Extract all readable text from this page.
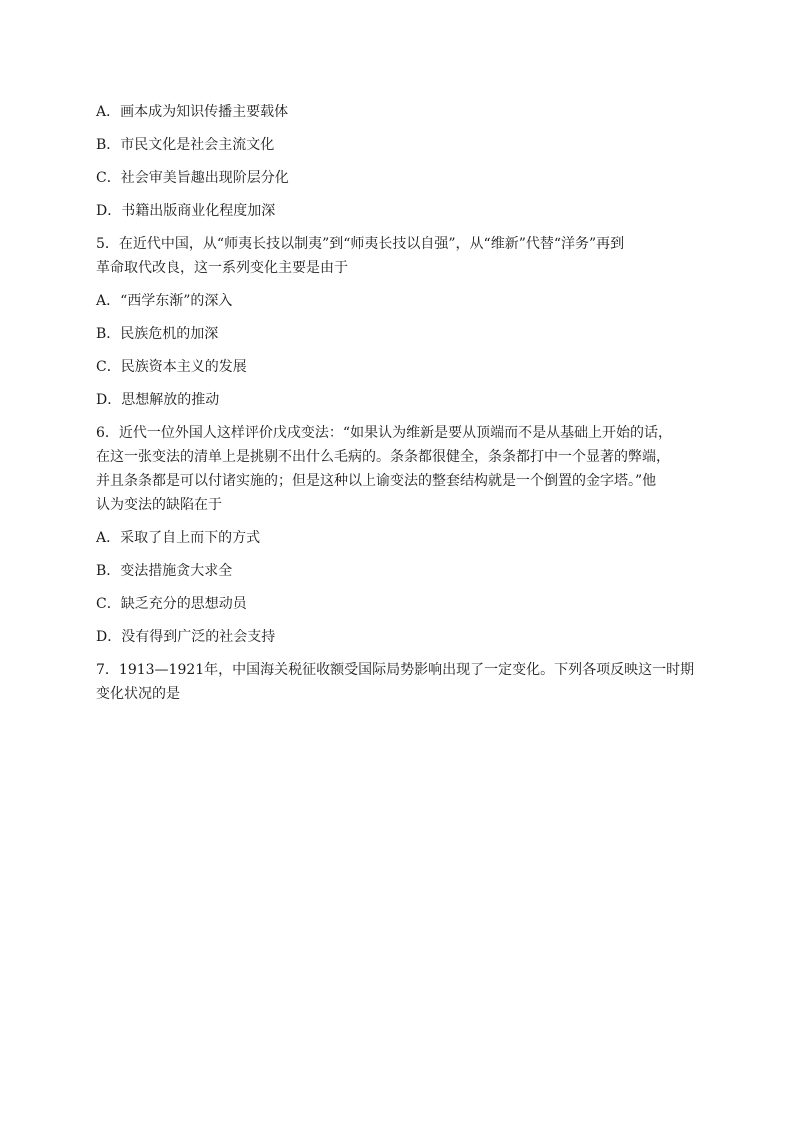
A．画本成为知识传播主要载体
B．市民文化是社会主流文化
C．社会审美旨趣出现阶层分化
D．书籍出版商业化程度加深
5．在近代中国，从“师夷长技以制夷”到“师夷长技以自强”，从“维新”代替“洋务”再到
革命取代改良，这一系列变化主要是由于
A．“西学东渐”的深入
B．民族危机的加深
C．民族资本主义的发展
D．思想解放的推动
6．近代一位外国人这样评价戊戌变法：“如果认为维新是要从顶端而不是从基础上开始的话，
在这一张变法的清单上是挑剔不出什么毛病的。条条都很健全，条条都打中一个显著的弊端，
并且条条都是可以付诸实施的；但是这种以上谕变法的整套结构就是一个倒置的金字塔。”他
认为变法的缺陷在于
A．采取了自上而下的方式
B．变法措施贪大求全
C．缺乏充分的思想动员
D．没有得到广泛的社会支持
7．1913—1921年，中国海关税征收额受国际局势影响出现了一定变化。下列各项反映这一时期
变化状况的是
